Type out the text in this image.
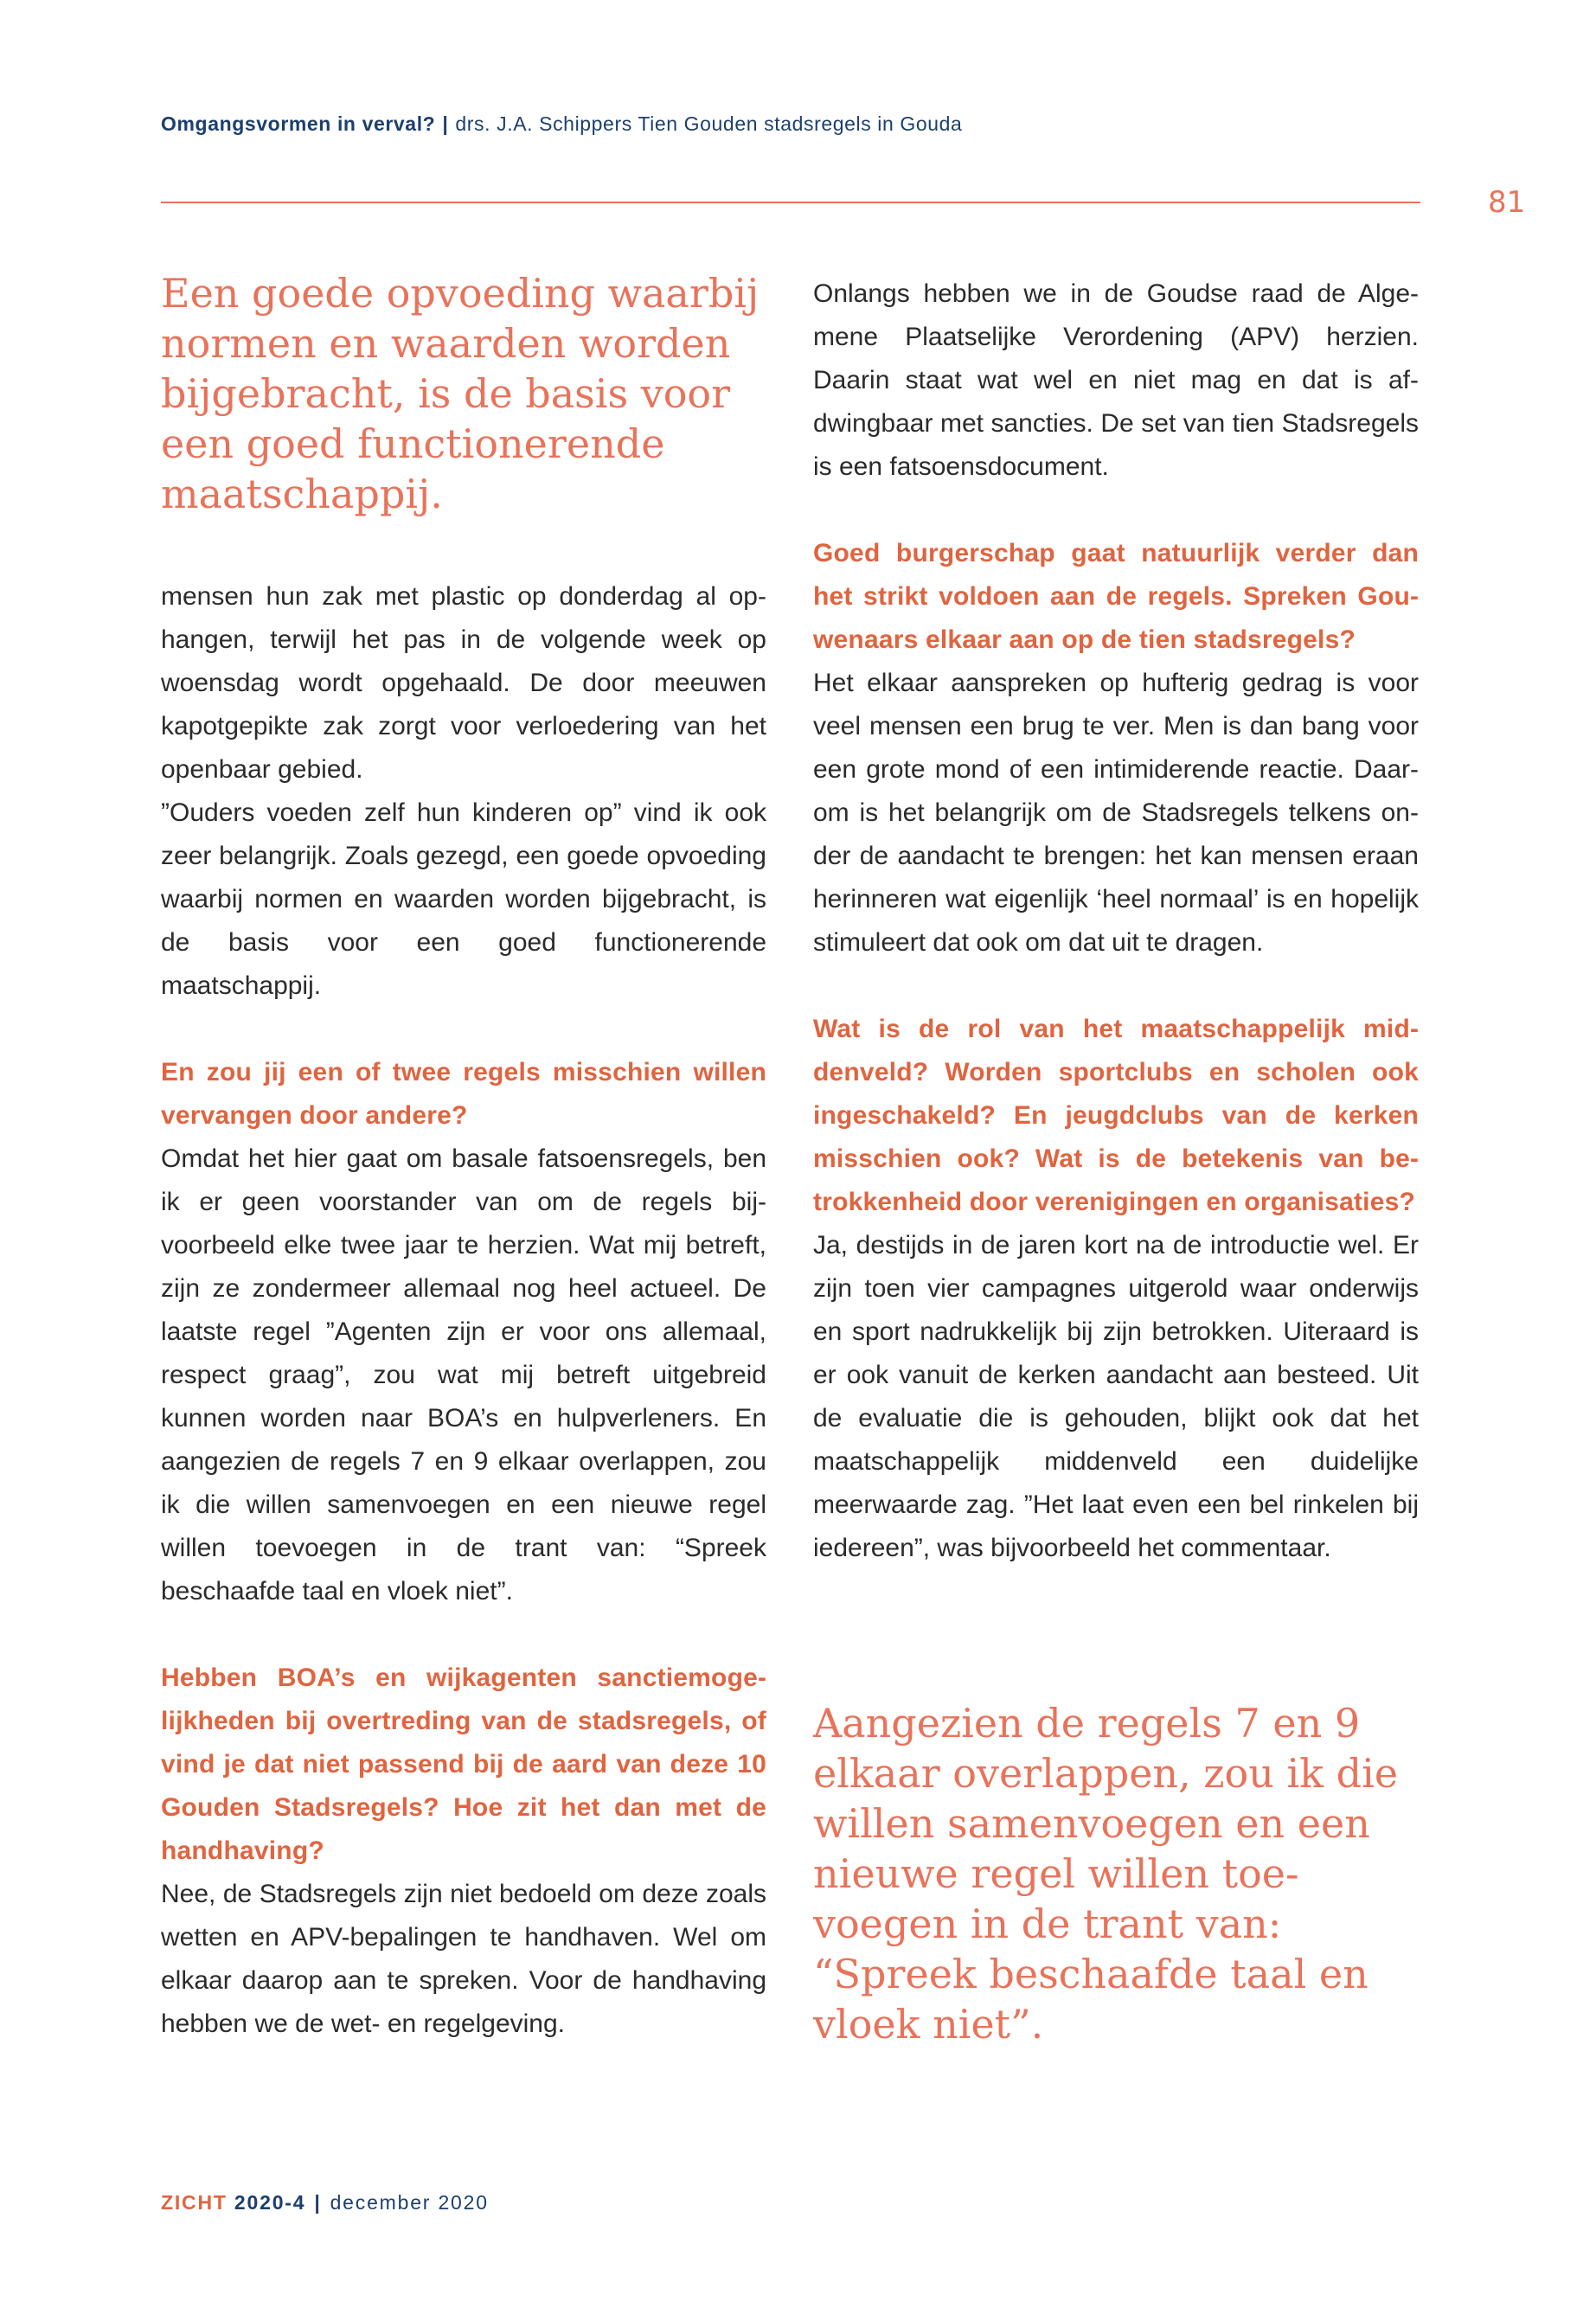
Omgangsvormen in verval? | drs. J.A. Schippers Tien Gouden stadsregels in Gouda
81
Een goede opvoeding waarbij normen en waarden worden bijgebracht, is de basis voor een goed functionerende maatschappij.

mensen hun zak met plastic op donderdag al ophangen, terwijl het pas in de volgende week op woensdag wordt opgehaald. De door meeuwen kapotgepikte zak zorgt voor verloedering van het openbaar gebied.

”Ouders voeden zelf hun kinderen op” vind ik ook zeer belangrijk. Zoals gezegd, een goede opvoeding waarbij normen en waarden worden bijgebracht, is de basis voor een goed functionerende maatschappij.

En zou jij een of twee regels misschien willen vervangen door andere?

Omdat het hier gaat om basale fatsoensregels, ben ik er geen voorstander van om de regels bijvoorbeeld elke twee jaar te herzien. Wat mij betreft, zijn ze zondermeer allemaal nog heel actueel. De laatste regel ”Agenten zijn er voor ons allemaal, respect graag”, zou wat mij betreft uitgebreid kunnen worden naar BOA’s en hulpverleners. En aangezien de regels 7 en 9 elkaar overlappen, zou ik die willen samenvoegen en een nieuwe regel willen toevoegen in de trant van: “Spreek beschaafde taal en vloek niet”.

Hebben BOA’s en wijkagenten sanctiemogelijkheden bij overtreding van de stadsregels, of vind je dat niet passend bij de aard van deze 10 Gouden Stadsregels? Hoe zit het dan met de handhaving?

Nee, de Stadsregels zijn niet bedoeld om deze zoals wetten en APV-bepalingen te handhaven. Wel om elkaar daarop aan te spreken. Voor de handhaving hebben we de wet- en regelgeving.

Onlangs hebben we in de Goudse raad de Algemene Plaatselijke Verordening (APV) herzien. Daarin staat wat wel en niet mag en dat is afdwingbaar met sancties. De set van tien Stadsregels is een fatsoensdocument.

Goed burgerschap gaat natuurlijk verder dan het strikt voldoen aan de regels. Spreken Gouwenaars elkaar aan op de tien stadsregels?

Het elkaar aanspreken op hufterig gedrag is voor veel mensen een brug te ver. Men is dan bang voor een grote mond of een intimiderende reactie. Daarom is het belangrijk om de Stadsregels telkens onder de aandacht te brengen: het kan mensen eraan herinneren wat eigenlijk ‘heel normaal’ is en hopelijk stimuleert dat ook om dat uit te dragen.

Wat is de rol van het maatschappelijk middenveld? Worden sportclubs en scholen ook ingeschakeld? En jeugdclubs van de kerken misschien ook? Wat is de betekenis van betrokkenheid door verenigingen en organisaties?

Ja, destijds in de jaren kort na de introductie wel. Er zijn toen vier campagnes uitgerold waar onderwijs en sport nadrukkelijk bij zijn betrokken. Uiteraard is er ook vanuit de kerken aandacht aan besteed. Uit de evaluatie die is gehouden, blijkt ook dat het maatschappelijk middenveld een duidelijke meerwaarde zag. ”Het laat even een bel rinkelen bij iedereen”, was bijvoorbeeld het commentaar.

Aangezien de regels 7 en 9 elkaar overlappen, zou ik die willen samenvoegen en een nieuwe regel willen toevoegen in de trant van: “Spreek beschaafde taal en vloek niet”.
ZICHT 2020-4 | december 2020
